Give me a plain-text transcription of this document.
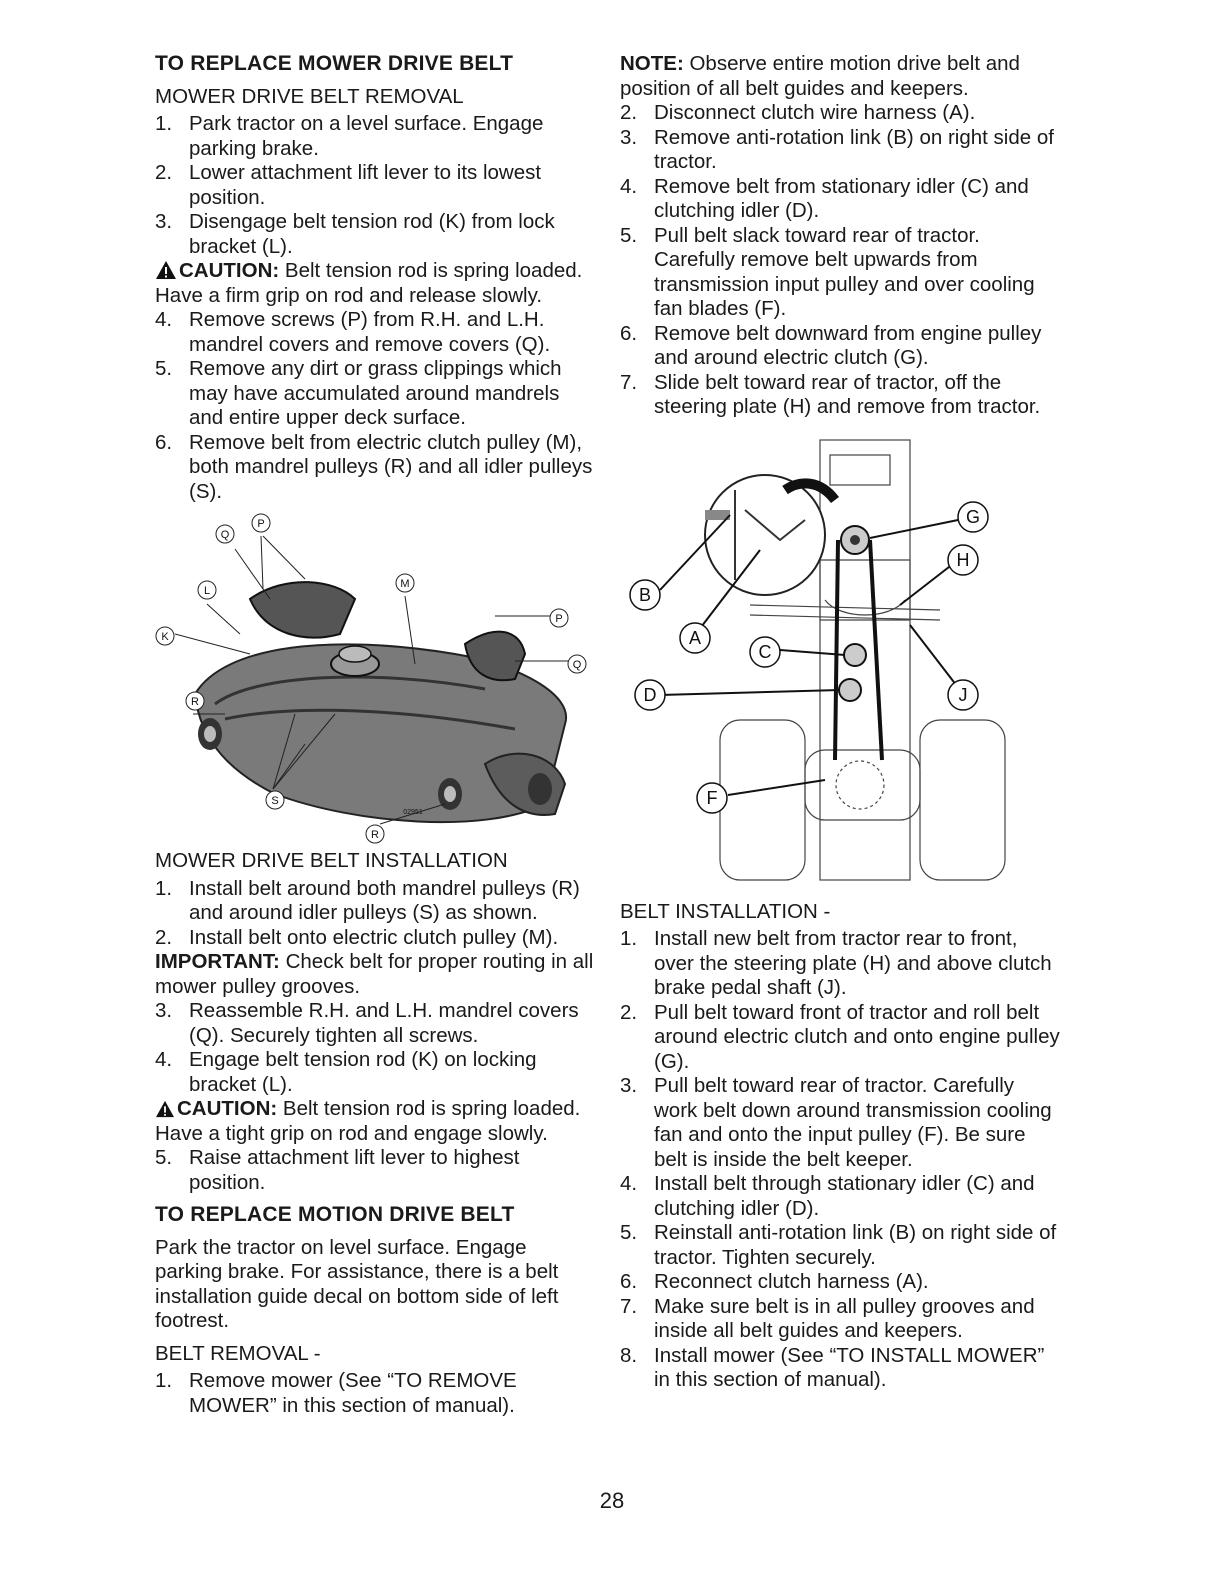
TO REPLACE MOWER DRIVE BELT

MOWER DRIVE BELT REMOVAL

1. Park tractor on a level surface. Engage parking brake.
2. Lower attachment lift lever to its lowest position.
3. Disengage belt tension rod (K) from lock bracket (L).

CAUTION: Belt tension rod is spring loaded. Have a firm grip on rod and release slowly.

4. Remove screws (P) from R.H. and L.H. mandrel covers and remove covers (Q).
5. Remove any dirt or grass clippings which may have accumulated around mandrels and entire upper deck surface.
6. Remove belt from electric clutch pulley (M), both mandrel pulleys (R) and all idler pulleys (S).
Q
P
L
M
K
P
Q
R
S
R
02951

MOWER DRIVE BELT INSTALLATION

1. Install belt around both mandrel pulleys (R) and around idler pulleys (S) as shown.
2. Install belt onto electric clutch pulley (M).

IMPORTANT: Check belt for proper routing in all mower pulley grooves.

3. Reassemble R.H. and L.H. mandrel covers (Q). Securely tighten all screws.
4. Engage belt tension rod (K) on locking bracket (L).

CAUTION: Belt tension rod is spring loaded. Have a tight grip on rod and engage slowly.

5. Raise attachment lift lever to highest position.
TO REPLACE MOTION DRIVE BELT

Park the tractor on level surface. Engage parking brake. For assistance, there is a belt installation guide decal on bottom side of left footrest.

BELT REMOVAL -

1. Remove mower (See “TO REMOVE MOWER” in this section of manual).

NOTE: Observe entire motion drive belt and position of all belt guides and keepers.

2. Disconnect clutch wire harness (A).
3. Remove anti-rotation link (B) on right side of tractor.
4. Remove belt from stationary idler (C) and clutching idler (D).
5. Pull belt slack toward rear of tractor. Carefully remove belt upwards from transmission input pulley and over cooling fan blades (F).
6. Remove belt downward from engine pulley and around electric clutch (G).
7. Slide belt toward rear of tractor, off the steering plate (H) and remove from tractor.
G
H
B
A
C
J
D
F

BELT INSTALLATION -

1. Install new belt from tractor rear to front, over the steering plate (H) and above clutch brake pedal shaft (J).
2. Pull belt toward front of tractor and roll belt around electric clutch and onto engine pulley (G).
3. Pull belt toward rear of tractor. Carefully work belt down around transmission cooling fan and onto the input pulley (F). Be sure belt is inside the belt keeper.
4. Install belt through stationary idler (C) and clutching idler (D).
5. Reinstall anti-rotation link (B) on right side of tractor. Tighten securely.
6. Reconnect clutch harness (A).
7. Make sure belt is in all pulley grooves and inside all belt guides and keepers.
8. Install mower (See “TO INSTALL MOWER” in this section of manual).
28
